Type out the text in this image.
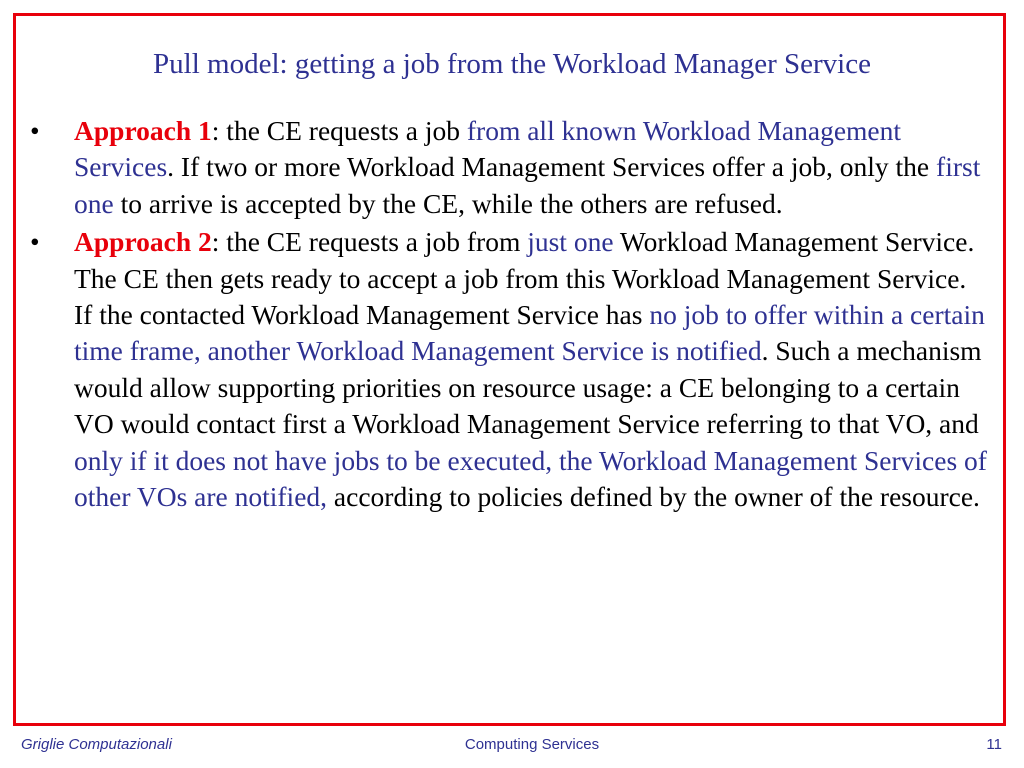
Pull model: getting a job from the Workload Manager Service
• Approach 1: the CE requests a job from all known Workload Management Services. If two or more Workload Management Services offer a job, only the first one to arrive is accepted by the CE, while the others are refused.
• Approach 2: the CE requests a job from just one Workload Management Service. The CE then gets ready to accept a job from this Workload Management Service. If the contacted Workload Management Service has no job to offer within a certain time frame, another Workload Management Service is notified. Such a mechanism would allow supporting priorities on resource usage: a CE belonging to a certain VO would contact first a Workload Management Service referring to that VO, and only if it does not have jobs to be executed, the Workload Management Services of other VOs are notified, according to policies defined by the owner of the resource.
Griglie Computazionali	Computing Services	11
